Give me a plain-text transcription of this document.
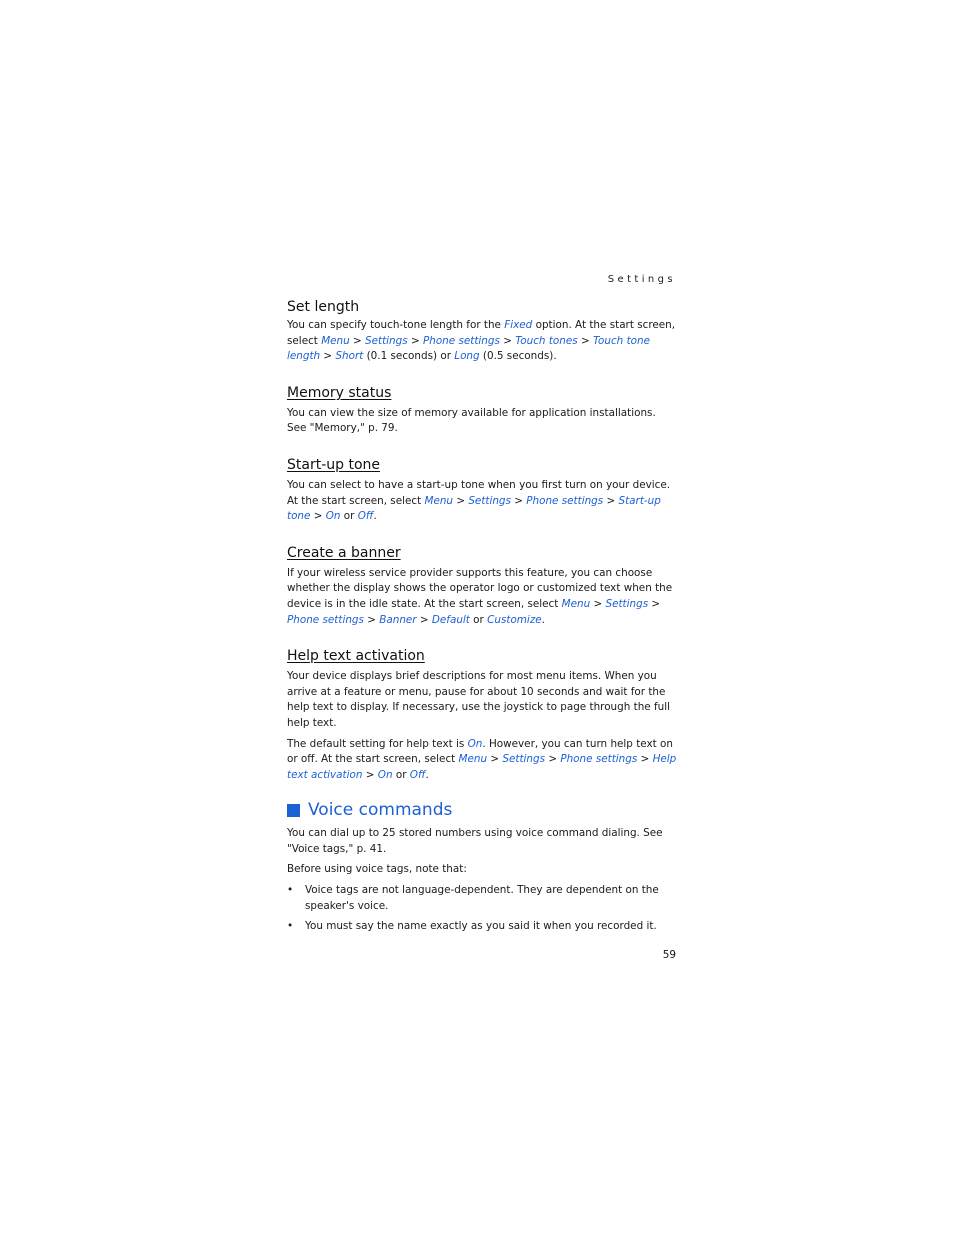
Settings
Set length

You can specify touch-tone length for the Fixed option. At the start screen, select Menu > Settings > Phone settings > Touch tones > Touch tone length > Short (0.1 seconds) or Long (0.5 seconds).

Memory status

You can view the size of memory available for application installations.
See "Memory," p. 79.

Start-up tone

You can select to have a start-up tone when you first turn on your device. At the start screen, select Menu > Settings > Phone settings > Start-up tone > On or Off.

Create a banner

If your wireless service provider supports this feature, you can choose whether the display shows the operator logo or customized text when the device is in the idle state. At the start screen, select Menu > Settings > Phone settings > Banner > Default or Customize.

Help text activation

Your device displays brief descriptions for most menu items. When you arrive at a feature or menu, pause for about 10 seconds and wait for the help text to display. If necessary, use the joystick to page through the full help text.

The default setting for help text is On. However, you can turn help text on or off. At the start screen, select Menu > Settings > Phone settings > Help text activation > On or Off.

Voice commands

You can dial up to 25 stored numbers using voice command dialing. See "Voice tags," p. 41.

Before using voice tags, note that:

• Voice tags are not language-dependent. They are dependent on the speaker's voice.
• You must say the name exactly as you said it when you recorded it.
59
